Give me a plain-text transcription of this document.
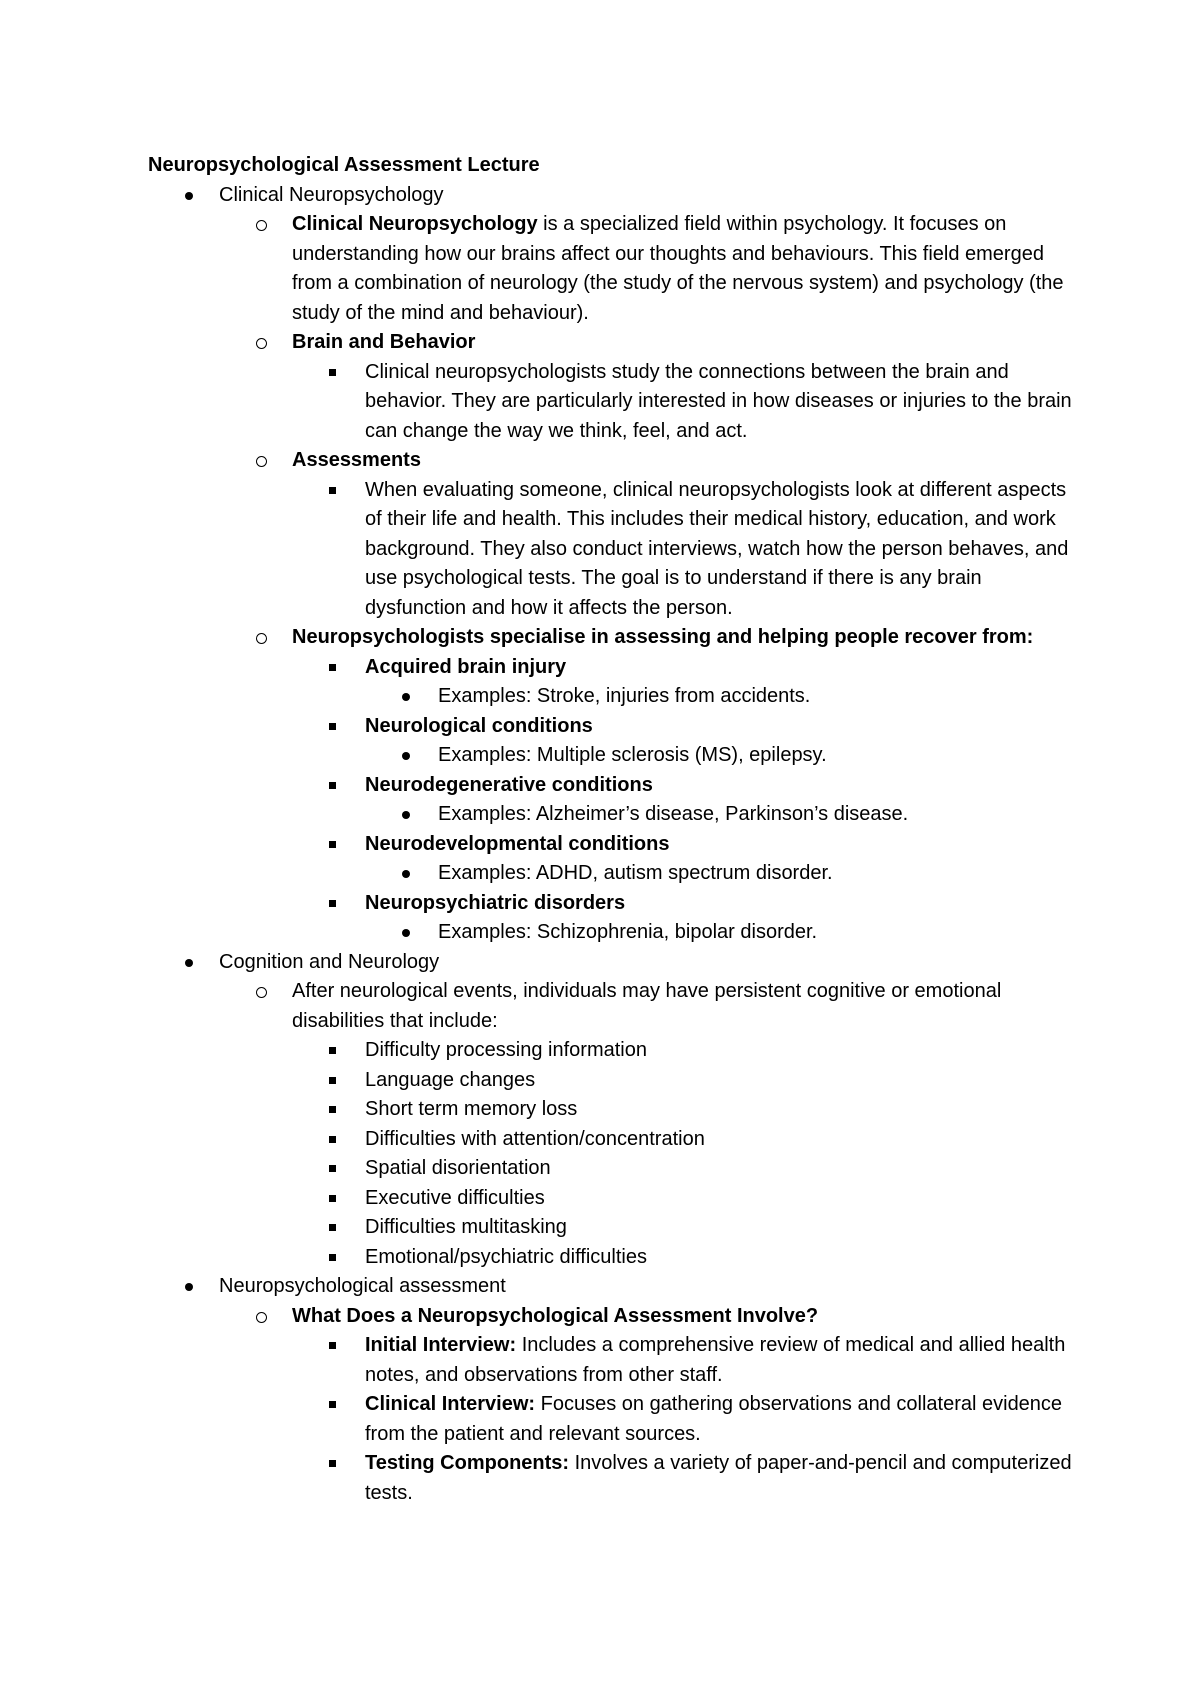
Neuropsychological Assessment Lecture
Clinical Neuropsychology
Clinical Neuropsychology is a specialized field within psychology. It focuses on understanding how our brains affect our thoughts and behaviours. This field emerged from a combination of neurology (the study of the nervous system) and psychology (the study of the mind and behaviour).
Brain and Behavior
Clinical neuropsychologists study the connections between the brain and behavior. They are particularly interested in how diseases or injuries to the brain can change the way we think, feel, and act.
Assessments
When evaluating someone, clinical neuropsychologists look at different aspects of their life and health. This includes their medical history, education, and work background. They also conduct interviews, watch how the person behaves, and use psychological tests. The goal is to understand if there is any brain dysfunction and how it affects the person.
Neuropsychologists specialise in assessing and helping people recover from:
Acquired brain injury
Examples: Stroke, injuries from accidents.
Neurological conditions
Examples: Multiple sclerosis (MS), epilepsy.
Neurodegenerative conditions
Examples: Alzheimer’s disease, Parkinson’s disease.
Neurodevelopmental conditions
Examples: ADHD, autism spectrum disorder.
Neuropsychiatric disorders
Examples: Schizophrenia, bipolar disorder.
Cognition and Neurology
After neurological events, individuals may have persistent cognitive or emotional disabilities that include:
Difficulty processing information
Language changes
Short term memory loss
Difficulties with attention/concentration
Spatial disorientation
Executive difficulties
Difficulties multitasking
Emotional/psychiatric difficulties
Neuropsychological assessment
What Does a Neuropsychological Assessment Involve?
Initial Interview: Includes a comprehensive review of medical and allied health notes, and observations from other staff.
Clinical Interview: Focuses on gathering observations and collateral evidence from the patient and relevant sources.
Testing Components: Involves a variety of paper-and-pencil and computerized tests.
